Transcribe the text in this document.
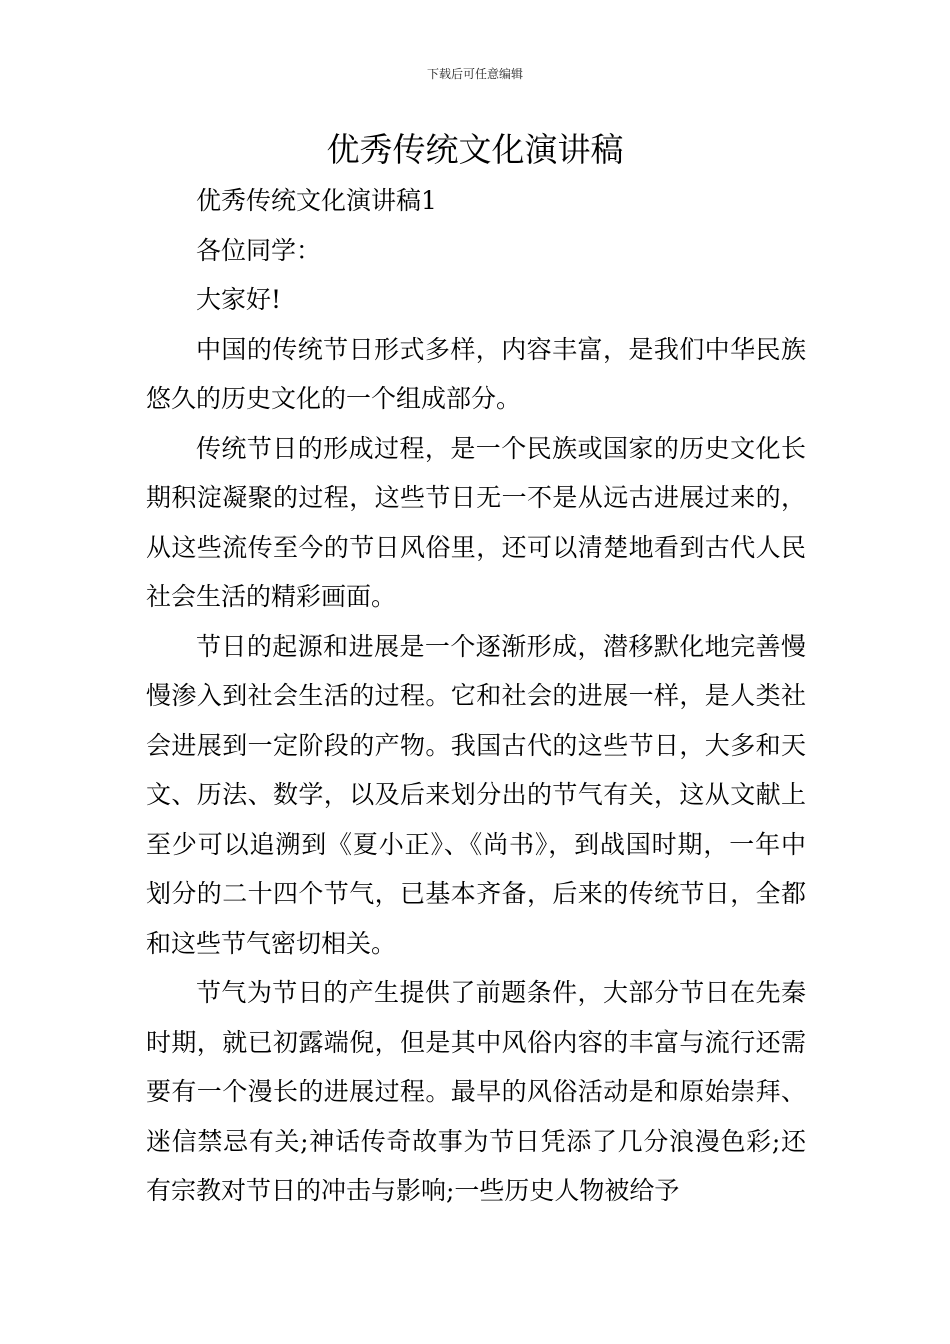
下载后可任意编辑
优秀传统文化演讲稿

优秀传统文化演讲稿1

各位同学：

大家好!

中国的传统节日形式多样，内容丰富，是我们中华民族悠久的历史文化的一个组成部分。

传统节日的形成过程，是一个民族或国家的历史文化长期积淀凝聚的过程，这些节日无一不是从远古进展过来的，从这些流传至今的节日风俗里，还可以清楚地看到古代人民社会生活的精彩画面。

节日的起源和进展是一个逐渐形成，潜移默化地完善慢慢渗入到社会生活的过程。它和社会的进展一样，是人类社会进展到一定阶段的产物。我国古代的这些节日，大多和天文、历法、数学，以及后来划分出的节气有关，这从文献上至少可以追溯到《夏小正》、《尚书》，到战国时期，一年中划分的二十四个节气，已基本齐备，后来的传统节日，全都和这些节气密切相关。

节气为节日的产生提供了前题条件，大部分节日在先秦时期，就已初露端倪，但是其中风俗内容的丰富与流行还需要有一个漫长的进展过程。最早的风俗活动是和原始崇拜、迷信禁忌有关;神话传奇故事为节日凭添了几分浪漫色彩;还有宗教对节日的冲击与影响;一些历史人物被给予
